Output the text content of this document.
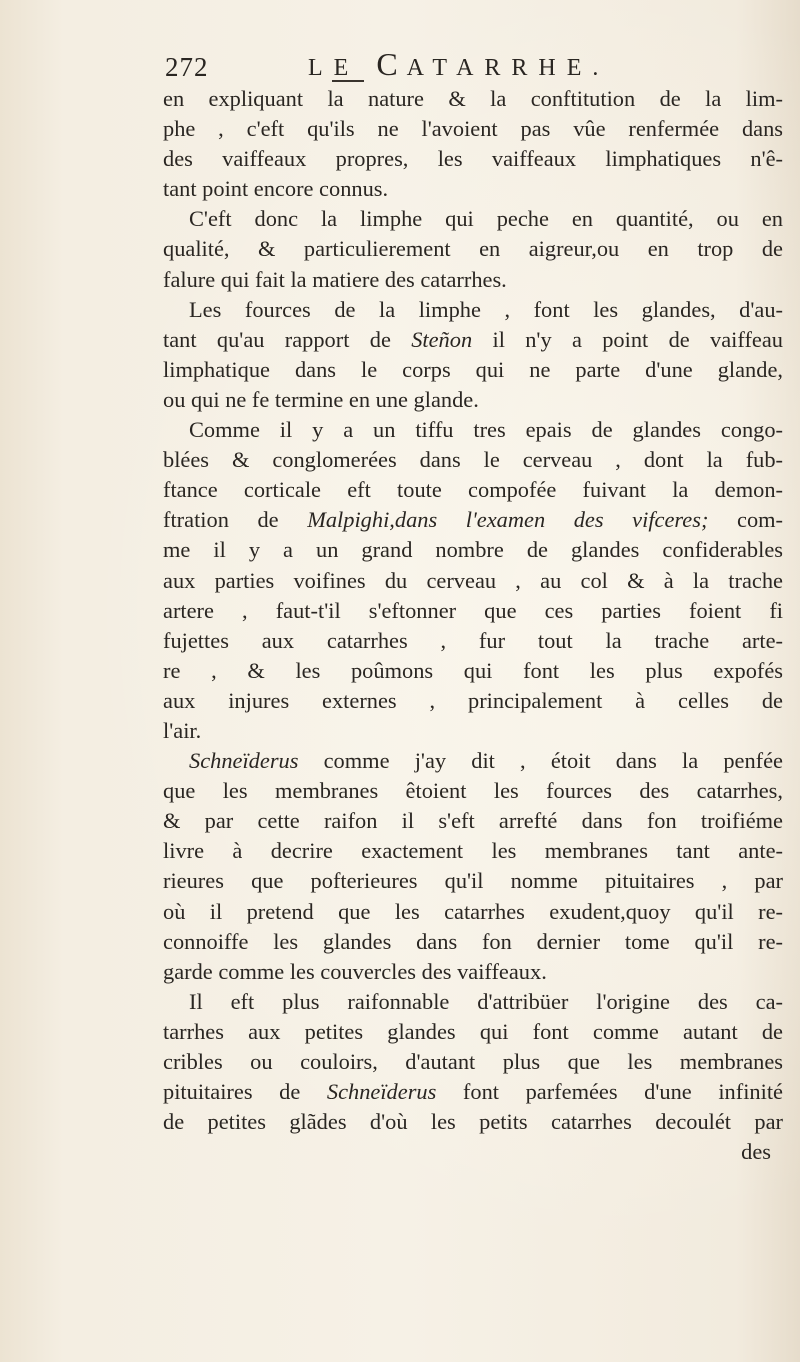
272	LE CATARRHE.
en expliquant la nature & la conftitution de la lim-
phe , c'eft qu'ils ne l'avoient pas vûe renfermée dans
des vaiffeaux propres, les vaiffeaux limphatiques n'ê-
tant point encore connus.
C'eft donc la limphe qui peche en quantité, ou en
qualité, & particulierement en aigreur,ou en trop de
falure qui fait la matiere des catarrhes.
Les fources de la limphe , font les glandes, d'au-
tant qu'au rapport de Steñon il n'y a point de vaiffeau
limphatique dans le corps qui ne parte d'une glande,
ou qui ne fe termine en une glande.
Comme il y a un tiffu tres epais de glandes congo-
blées & conglomerées dans le cerveau , dont la fub-
ftance corticale eft toute compofée fuivant la demon-
ftration de Malpighi,dans l'examen des vifceres; com-
me il y a un grand nombre de glandes confiderables
aux parties voifines du cerveau , au col & à la trache
artere , faut-t'il s'eftonner que ces parties foient fi
fujettes aux catarrhes , fur tout la trache arte-
re , & les poûmons qui font les plus expofés
aux injures externes , principalement à celles de
l'air.
Schneïderus comme j'ay dit , étoit dans la penfée
que les membranes êtoient les fources des catarrhes,
& par cette raifon il s'eft arrefté dans fon troifiéme
livre à decrire exactement les membranes tant ante-
rieures que pofterieures qu'il nomme pituitaires , par
où il pretend que les catarrhes exudent,quoy qu'il re-
connoiffe les glandes dans fon dernier tome qu'il re-
garde comme les couvercles des vaiffeaux.
Il eft plus raifonnable d'attribüer l'origine des ca-
tarrhes aux petites glandes qui font comme autant de
cribles ou couloirs, d'autant plus que les membranes
pituitaires de Schneïderus font parfemées d'une infinité
de petites glãdes d'où les petits catarrhes decoulét par
des
